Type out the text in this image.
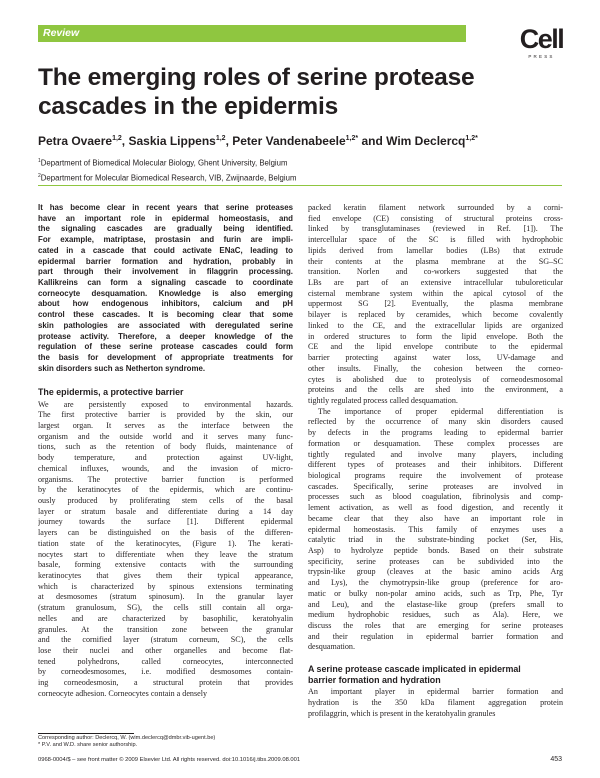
Review	Cell
PRESS
The emerging roles of serine protease
cascades in the epidermis
Petra Ovaere$^{1,2}$, Saskia Lippens$^{1,2}$, Peter Vandenabeele$^{1,2*}$ and Wim Declercq$^{1,2*}$
$^1$Department of Biomedical Molecular Biology, Ghent University, Belgium
$^2$Department for Molecular Biomedical Research, VIB, Zwijnaarde, Belgium
It has become clear in recent years that serine proteases
have an important role in epidermal homeostasis, and
the signaling cascades are gradually being identified.
For example, matriptase, prostasin and furin are impli-
cated in a cascade that could activate ENaC, leading to
epidermal barrier formation and hydration, probably in
part through their involvement in filaggrin processing.
Kallikreins can form a signaling cascade to coordinate
corneocyte desquamation. Knowledge is also emerging
about how endogenous inhibitors, calcium and pH
control these cascades. It is becoming clear that some
skin pathologies are associated with deregulated serine
protease activity. Therefore, a deeper knowledge of the
regulation of these serine protease cascades could form
the basis for development of appropriate treatments for
skin disorders such as Netherton syndrome.
The epidermis, a protective barrier
We are persistently exposed to environmental hazards.
The first protective barrier is provided by the skin, our
largest organ. It serves as the interface between the
organism and the outside world and it serves many func-
tions, such as the retention of body fluids, maintenance of
body temperature, and protection against UV-light,
chemical influxes, wounds, and the invasion of micro-
organisms. The protective barrier function is performed
by the keratinocytes of the epidermis, which are continu-
ously produced by proliferating stem cells of the basal
layer or stratum basale and differentiate during a 14 day
journey towards the surface [1]. Different epidermal
layers can be distinguished on the basis of the differen-
tiation state of the keratinocytes, (Figure 1). The kerati-
nocytes start to differentiate when they leave the stratum
basale, forming extensive contacts with the surrounding
keratinocytes that gives them their typical appearance,
which is characterized by spinous extensions terminating
at desmosomes (stratum spinosum). In the granular layer
(stratum granulosum, SG), the cells still contain all orga-
nelles and are characterized by basophilic, keratohyalin
granules. At the transition zone between the granular
and the cornified layer (stratum corneum, SC), the cells
lose their nuclei and other organelles and become flat-
tened polyhedrons, called corneocytes, interconnected
by corneodesmosomes, i.e. modified desmosomes contain-
ing corneodesmosin, a structural protein that provides
corneocyte adhesion. Corneocytes contain a densely
packed keratin filament network surrounded by a corni-
fied envelope (CE) consisting of structural proteins cross-
linked by transglutaminases (reviewed in Ref. [1]). The
intercellular space of the SC is filled with hydrophobic
lipids derived from lamellar bodies (LBs) that extrude
their contents at the plasma membrane at the SG–SC
transition. Norlen and co-workers suggested that the
LBs are part of an extensive intracellular tubuloreticular
cisternal membrane system within the apical cytosol of the
uppermost SG [2]. Eventually, the plasma membrane
bilayer is replaced by ceramides, which become covalently
linked to the CE, and the extracellular lipids are organized
in ordered structures to form the lipid envelope. Both the
CE and the lipid envelope contribute to the epidermal
barrier protecting against water loss, UV-damage and
other insults. Finally, the cohesion between the corneo-
cytes is abolished due to proteolysis of corneodesmosomal
proteins and the cells are shed into the environment, a
tightly regulated process called desquamation.
The importance of proper epidermal differentiation is
reflected by the occurrence of many skin disorders caused
by defects in the programs leading to epidermal barrier
formation or desquamation. These complex processes are
tightly regulated and involve many players, including
different types of proteases and their inhibitors. Different
biological programs require the involvement of protease
cascades. Specifically, serine proteases are involved in
processes such as blood coagulation, fibrinolysis and comp-
lement activation, as well as food digestion, and recently it
became clear that they also have an important role in
epidermal homeostasis. This family of enzymes uses a
catalytic triad in the substrate-binding pocket (Ser, His,
Asp) to hydrolyze peptide bonds. Based on their substrate
specificity, serine proteases can be subdivided into the
trypsin-like group (cleaves at the basic amino acids Arg
and Lys), the chymotrypsin-like group (preference for aro-
matic or bulky non-polar amino acids, such as Trp, Phe, Tyr
and Leu), and the elastase-like group (prefers small to
medium hydrophobic residues, such as Ala). Here, we
discuss the roles that are emerging for serine proteases
and their regulation in epidermal barrier formation and
desquamation.
A serine protease cascade implicated in epidermal
barrier formation and hydration
An important player in epidermal barrier formation and
hydration is the 350 kDa filament aggregation protein
profilaggrin, which is present in the keratohyalin granules
Corresponding author: Declercq, W. (wim.declercq@dmbr.vib-ugent.be)
* P.V. and W.D. share senior authorship.
0968-0004/$ – see front matter © 2009 Elsevier Ltd. All rights reserved. doi:10.1016/j.tibs.2009.08.001	453
